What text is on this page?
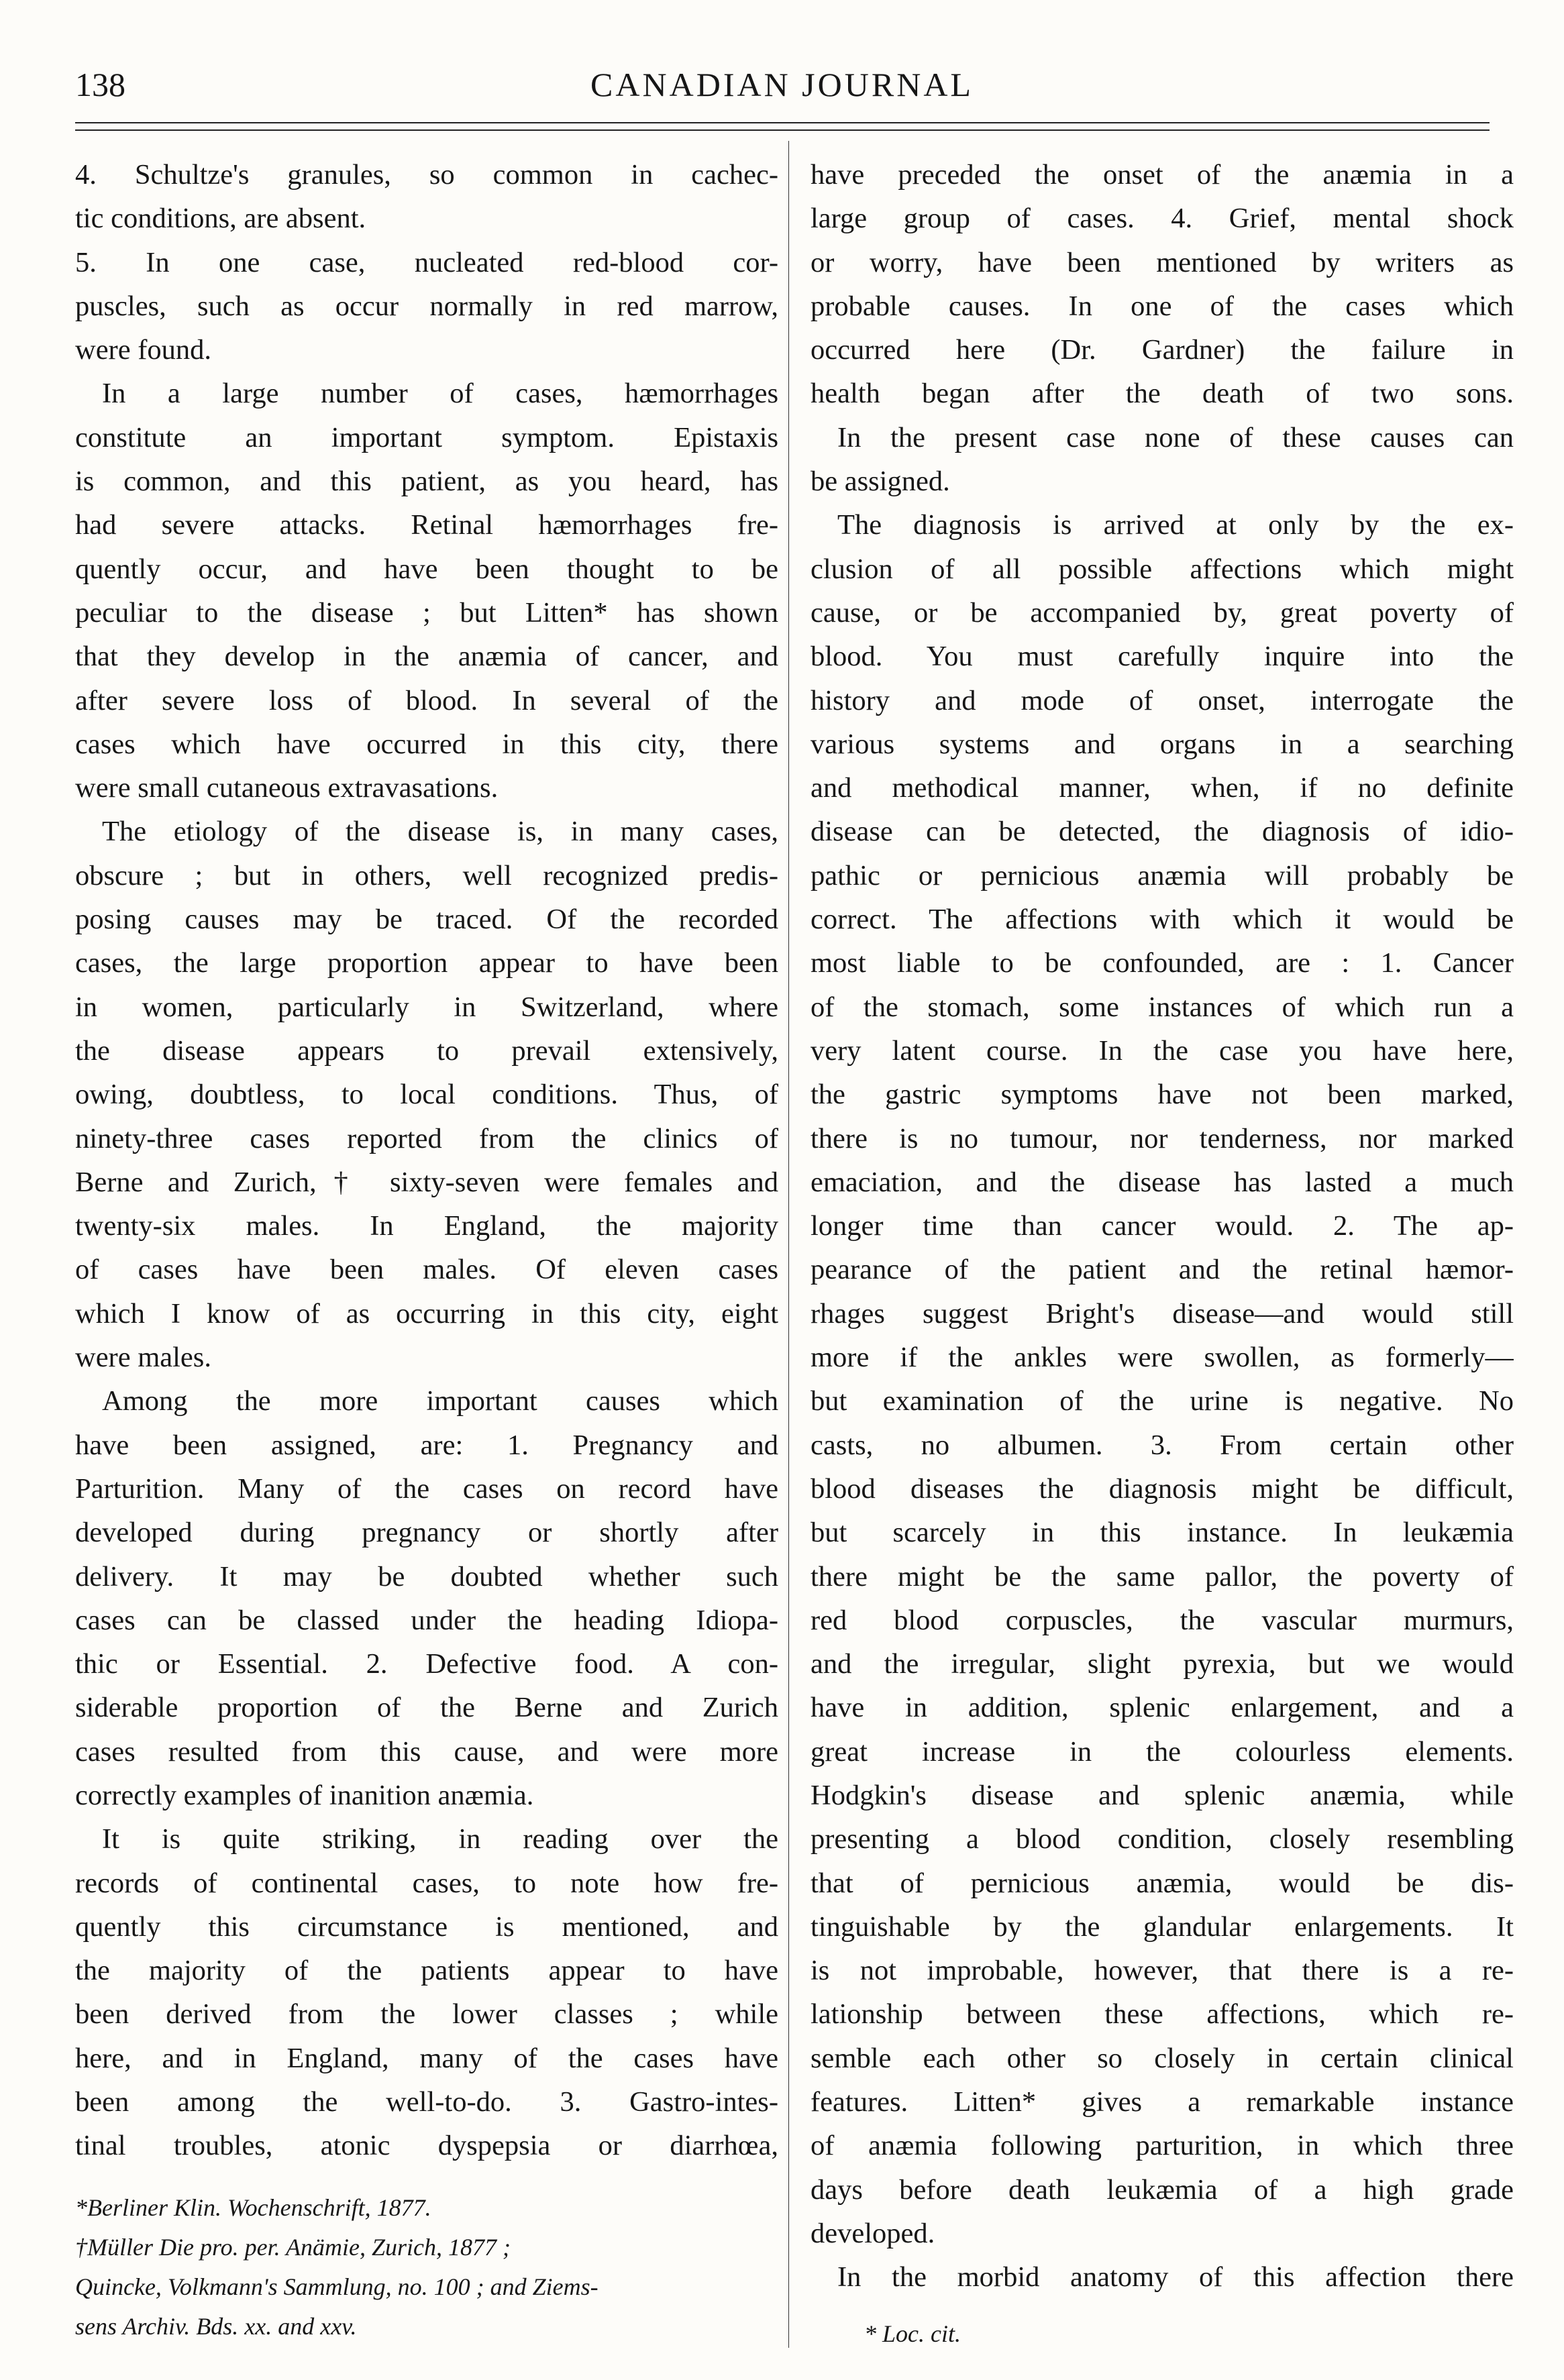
138	CANADIAN JOURNAL
4. Schultze's granules, so common in cachec-
tic conditions, are absent.
5. In one case, nucleated red-blood cor-
puscles, such as occur normally in red marrow,
were found.
In a large number of cases, hæmorrhages
constitute an important symptom. Epistaxis
is common, and this patient, as you heard, has
had severe attacks. Retinal hæmorrhages fre-
quently occur, and have been thought to be
peculiar to the disease ; but Litten* has shown
that they develop in the anæmia of cancer, and
after severe loss of blood. In several of the
cases which have occurred in this city, there
were small cutaneous extravasations.
The etiology of the disease is, in many cases,
obscure ; but in others, well recognized predis-
posing causes may be traced. Of the recorded
cases, the large proportion appear to have been
in women, particularly in Switzerland, where
the disease appears to prevail extensively,
owing, doubtless, to local conditions. Thus, of
ninety-three cases reported from the clinics of
Berne and Zurich,† sixty-seven were females and
twenty-six males. In England, the majority
of cases have been males. Of eleven cases
which I know of as occurring in this city, eight
were males.
Among the more important causes which
have been assigned, are: 1. Pregnancy and
Parturition. Many of the cases on record have
developed during pregnancy or shortly after
delivery. It may be doubted whether such
cases can be classed under the heading Idiopa-
thic or Essential. 2. Defective food. A con-
siderable proportion of the Berne and Zurich
cases resulted from this cause, and were more
correctly examples of inanition anæmia.
It is quite striking, in reading over the
records of continental cases, to note how fre-
quently this circumstance is mentioned, and
the majority of the patients appear to have
been derived from the lower classes ; while
here, and in England, many of the cases have
been among the well-to-do. 3. Gastro-intes-
tinal troubles, atonic dyspepsia or diarrhœa,
have preceded the onset of the anæmia in a
large group of cases. 4. Grief, mental shock
or worry, have been mentioned by writers as
probable causes. In one of the cases which
occurred here (Dr. Gardner) the failure in
health began after the death of two sons.
In the present case none of these causes can
be assigned.
The diagnosis is arrived at only by the ex-
clusion of all possible affections which might
cause, or be accompanied by, great poverty of
blood. You must carefully inquire into the
history and mode of onset, interrogate the
various systems and organs in a searching
and methodical manner, when, if no definite
disease can be detected, the diagnosis of idio-
pathic or pernicious anæmia will probably be
correct. The affections with which it would be
most liable to be confounded, are : 1. Cancer
of the stomach, some instances of which run a
very latent course. In the case you have here,
the gastric symptoms have not been marked,
there is no tumour, nor tenderness, nor marked
emaciation, and the disease has lasted a much
longer time than cancer would. 2. The ap-
pearance of the patient and the retinal hæmor-
rhages suggest Bright's disease—and would still
more if the ankles were swollen, as formerly—
but examination of the urine is negative. No
casts, no albumen. 3. From certain other
blood diseases the diagnosis might be difficult,
but scarcely in this instance. In leukæmia
there might be the same pallor, the poverty of
red blood corpuscles, the vascular murmurs,
and the irregular, slight pyrexia, but we would
have in addition, splenic enlargement, and a
great increase in the colourless elements.
Hodgkin's disease and splenic anæmia, while
presenting a blood condition, closely resembling
that of pernicious anæmia, would be dis-
tinguishable by the glandular enlargements. It
is not improbable, however, that there is a re-
lationship between these affections, which re-
semble each other so closely in certain clinical
features. Litten* gives a remarkable instance
of anæmia following parturition, in which three
days before death leukæmia of a high grade
developed.
In the morbid anatomy of this affection there
*Berliner Klin. Wochenschrift, 1877.
†Müller Die pro. per. Anämie, Zurich, 1877 ;
Quincke, Volkmann's Sammlung, no. 100 ; and Ziems-
sens Archiv. Bds. xx. and xxv.	* Loc. cit.
